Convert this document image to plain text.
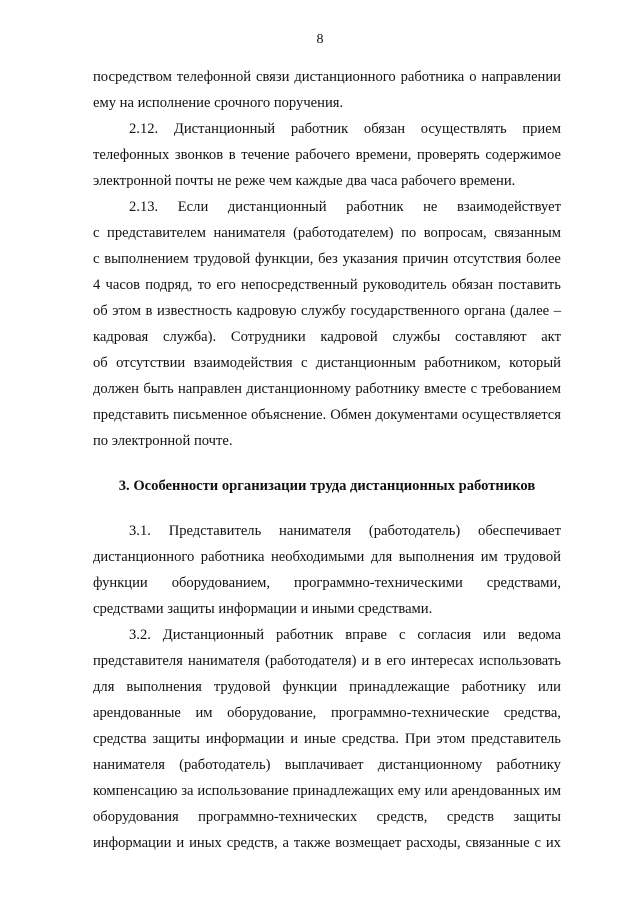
8
посредством телефонной связи дистанционного работника о направлении
ему на исполнение срочного поручения.
2.12. Дистанционный работник обязан осуществлять прием
телефонных звонков в течение рабочего времени, проверять содержимое
электронной почты не реже чем каждые два часа рабочего времени.
2.13. Если дистанционный работник не взаимодействует
с представителем нанимателя (работодателем) по вопросам, связанным
с выполнением трудовой функции, без указания причин отсутствия более
4 часов подряд, то его непосредственный руководитель обязан поставить
об этом в известность кадровую службу государственного органа (далее –
кадровая служба). Сотрудники кадровой службы составляют акт
об отсутствии взаимодействия с дистанционным работником, который
должен быть направлен дистанционному работнику вместе с требованием
представить письменное объяснение. Обмен документами осуществляется
по электронной почте.
3. Особенности организации труда дистанционных работников
3.1. Представитель нанимателя (работодатель) обеспечивает
дистанционного работника необходимыми для выполнения им трудовой
функции оборудованием, программно-техническими средствами,
средствами защиты информации и иными средствами.
3.2. Дистанционный работник вправе с согласия или ведома
представителя нанимателя (работодателя) и в его интересах использовать
для выполнения трудовой функции принадлежащие работнику или
арендованные им оборудование, программно-технические средства,
средства защиты информации и иные средства. При этом представитель
нанимателя (работодатель) выплачивает дистанционному работнику
компенсацию за использование принадлежащих ему или арендованных им
оборудования программно-технических средств, средств защиты
информации и иных средств, а также возмещает расходы, связанные с их
